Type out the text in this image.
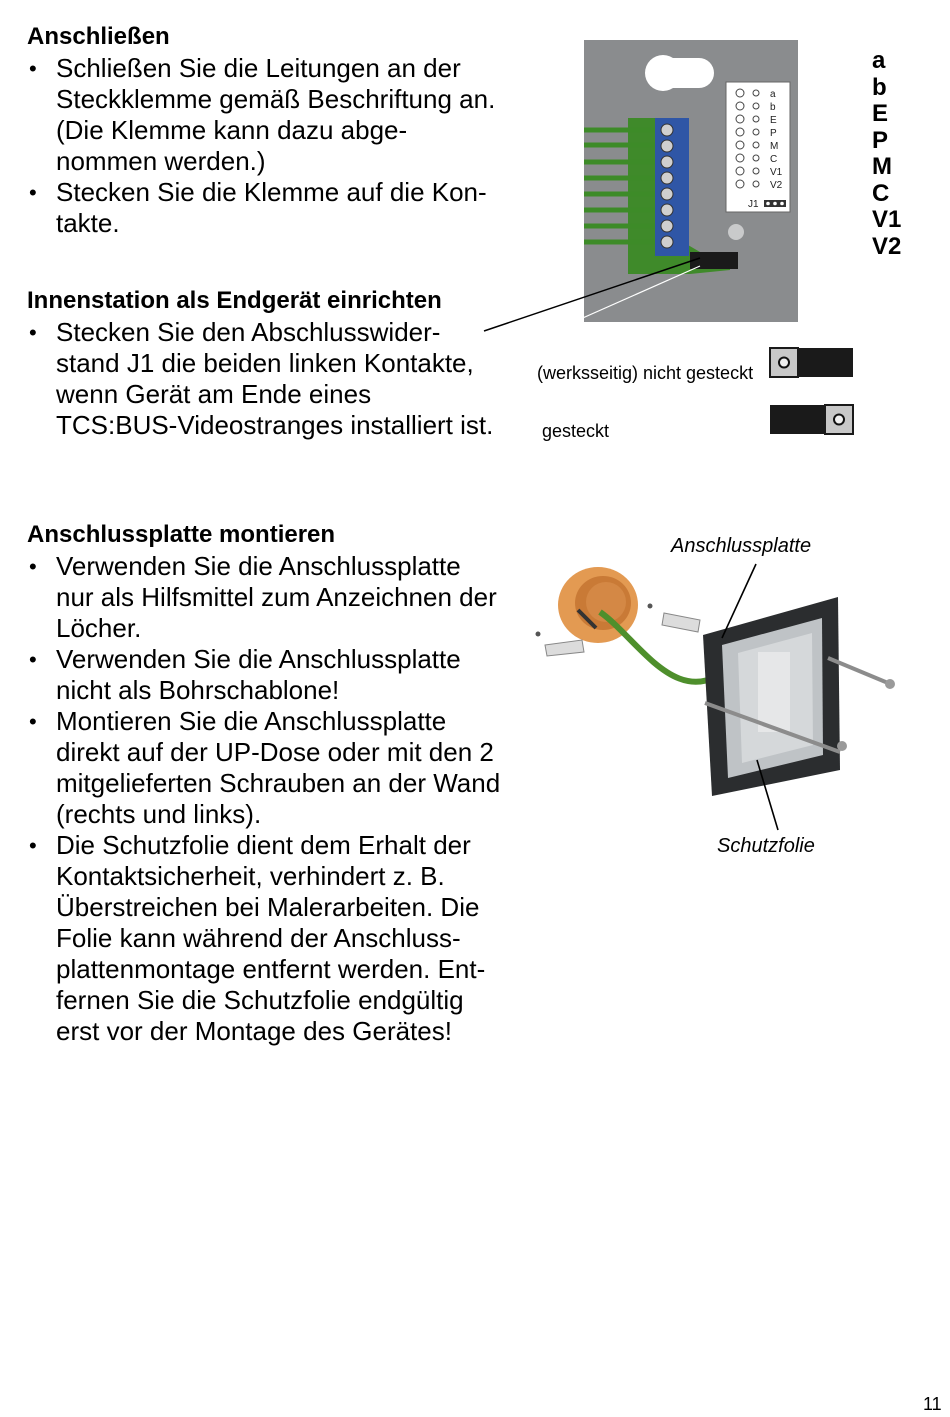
Anschließen
• Schließen Sie die Leitungen an der Steckklemme gemäß Beschriftung an. (Die Klemme kann dazu abge-nommen werden.)
• Stecken Sie die Klemme auf die Kon-takte.
Innenstation als Endgerät einrichten
• Stecken Sie den Abschlusswider-stand J1 die beiden linken Kontakte, wenn Gerät am Ende eines TCS:BUS-Videostranges installiert ist.
Anschlussplatte montieren
• Verwenden Sie die Anschlussplatte nur als Hilfsmittel zum Anzeichnen der Löcher.
• Verwenden Sie die Anschlussplatte nicht als Bohrschablone!
• Montieren Sie die Anschlussplatte direkt auf der UP-Dose oder mit den 2 mitgelieferten Schrauben an der Wand (rechts und links).
• Die Schutzfolie dient dem Erhalt der Kontaktsicherheit, verhindert z. B. Überstreichen bei Malerarbeiten. Die Folie kann während der Anschluss-plattenmontage entfernt werden. Ent-fernen Sie die Schutzfolie endgültig erst vor der Montage des Gerätes!
a
b
E
P
M
C
V1
V2
J1
a
b
E
P
M
C
V1
V2
(werksseitig) nicht gesteckt
gesteckt
Anschlussplatte
Schutzfolie
11
